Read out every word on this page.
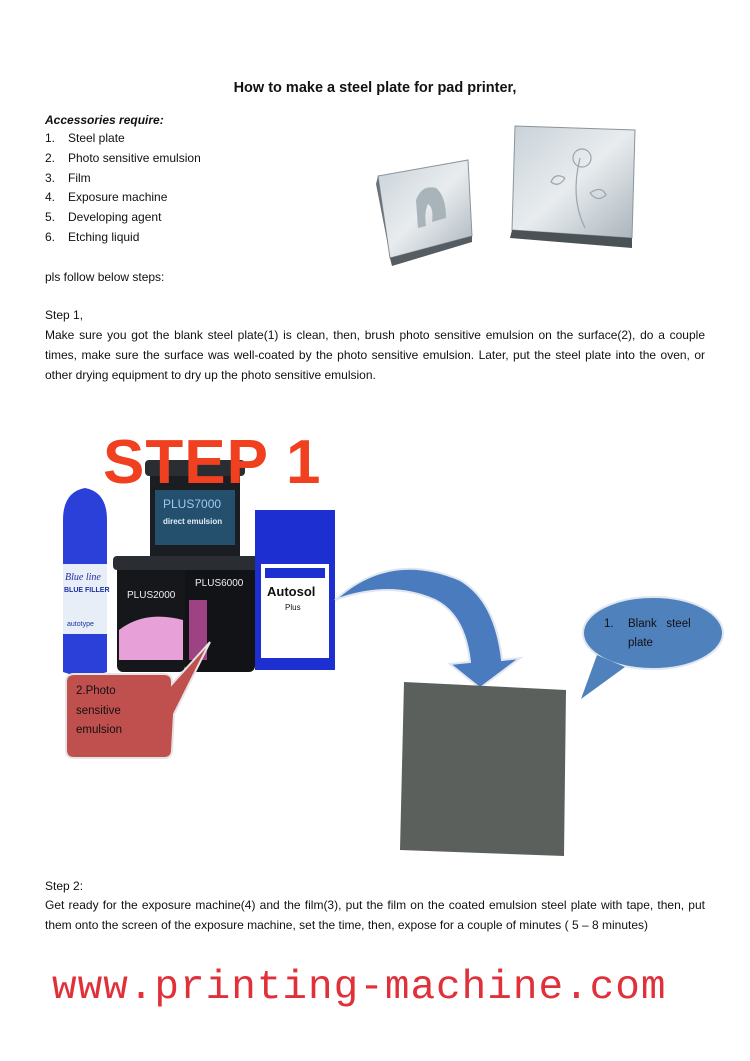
How to make a steel plate for pad printer,
Accessories require:
1. Steel plate
2. Photo sensitive emulsion
3. Film
4. Exposure machine
5. Developing agent
6. Etching liquid
pls follow below steps:
Step 1,
Make sure you got the blank steel plate(1) is clean, then, brush photo sensitive emulsion on the surface(2), do a couple times, make sure the surface was well-coated by the photo sensitive emulsion. Later, put the steel plate into the oven, or other drying equipment to dry up the photo sensitive emulsion.
STEP 1
PLUS7000
direct emulsion
Blue line
BLUE FILLER
autotype
PLUS2000
PLUS6000
Autosol
Plus
1. Blank   steel
plate
2.Photo
sensitive
emulsion
Step 2:
Get ready for the exposure machine(4) and the film(3), put the film on the coated emulsion steel plate with tape, then, put them onto the screen of the exposure machine, set the time, then, expose for a couple of minutes ( 5 – 8 minutes)
www.printing-machine.com
